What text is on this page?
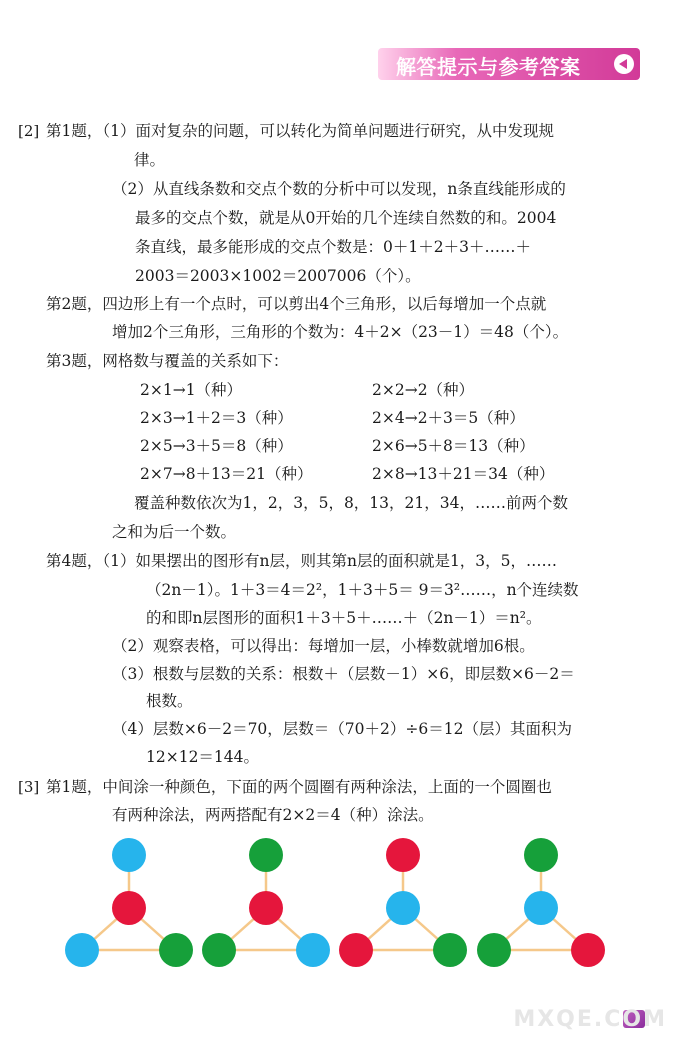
解答提示与参考答案
[2]
[3]
第1题，（1）面对复杂的问题，可以转化为简单问题进行研究，从中发现规
律。
（2）从直线条数和交点个数的分析中可以发现，n条直线能形成的
最多的交点个数，就是从0开始的几个连续自然数的和。2004
条直线，最多能形成的交点个数是：0＋1＋2＋3＋……＋
2003＝2003×1002＝2007006（个）。
第2题，四边形上有一个点时，可以剪出4个三角形，以后每增加一个点就
增加2个三角形，三角形的个数为：4＋2×（23－1）＝48（个）。
第3题，网格数与覆盖的关系如下：
2×1→1（种）	2×2→2（种）
2×3→1＋2＝3（种）	2×4→2＋3＝5（种）
2×5→3＋5＝8（种）	2×6→5＋8＝13（种）
2×7→8＋13＝21（种）	2×8→13＋21＝34（种）
覆盖种数依次为1，2，3，5，8，13，21，34，……前两个数
之和为后一个数。
第4题，（1）如果摆出的图形有n层，则其第n层的面积就是1，3，5，……
（2n－1）。1＋3＝4＝2²，1＋3＋5＝ 9＝3²……，n个连续数
的和即n层图形的面积1＋3＋5＋……＋（2n－1）＝n²。
（2）观察表格，可以得出：每增加一层，小棒数就增加6根。
（3）根数与层数的关系：根数＋（层数－1）×6，即层数×6－2＝
根数。
（4）层数×6－2＝70，层数＝（70＋2）÷6＝12（层）其面积为
12×12＝144。
第1题，中间涂一种颜色，下面的两个圆圈有两种涂法，上面的一个圆圈也
有两种涂法，两两搭配有2×2＝4（种）涂法。
MXQE.COM
